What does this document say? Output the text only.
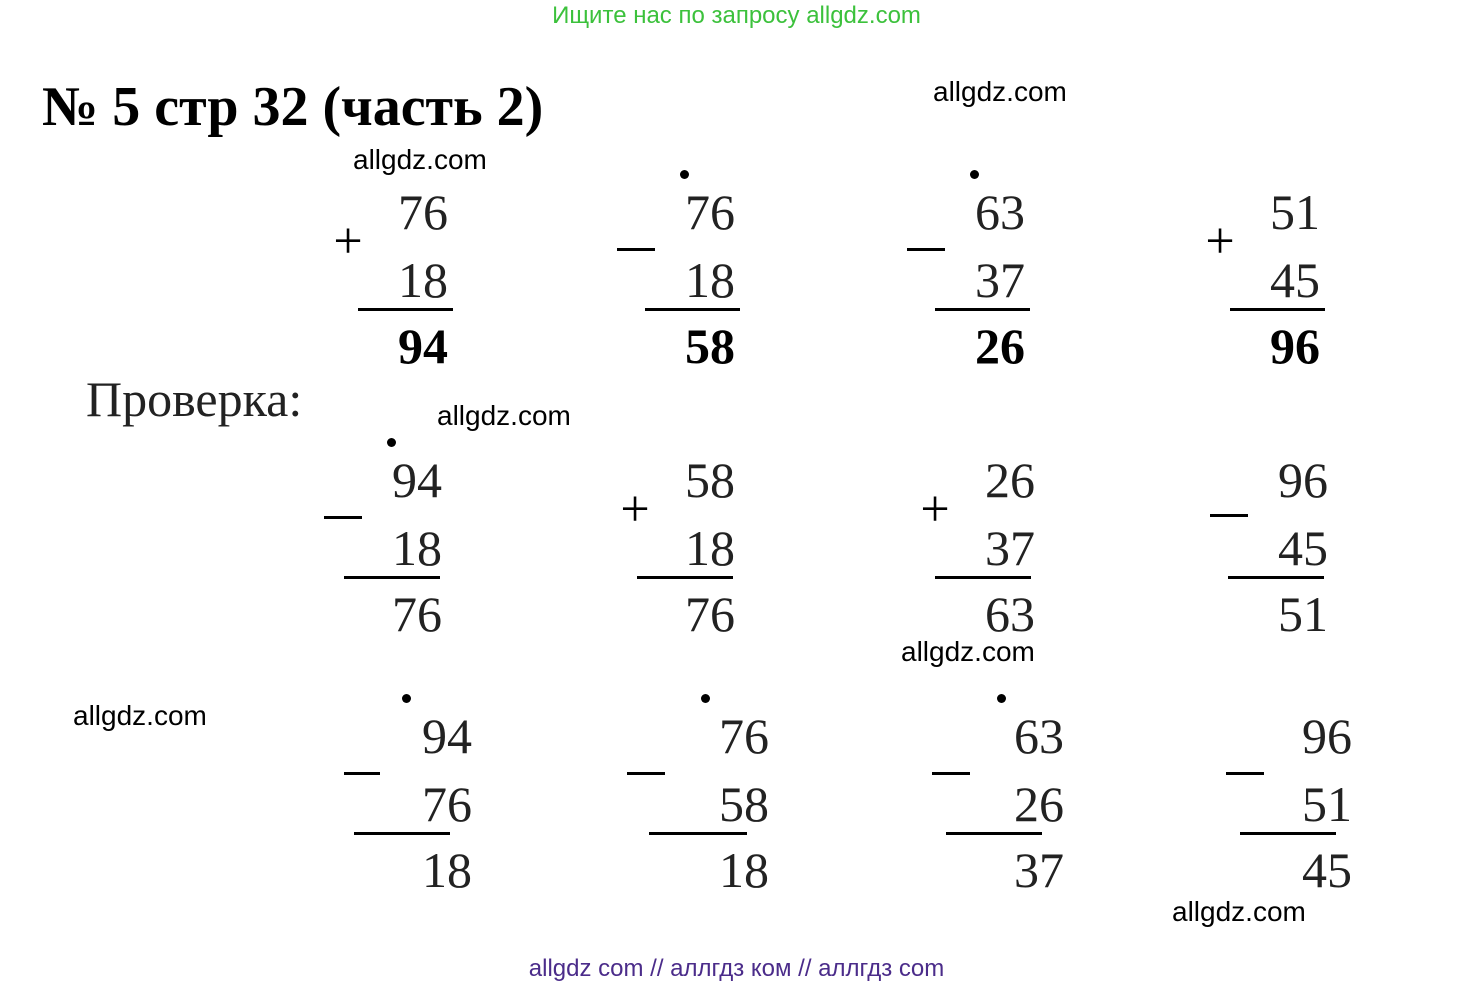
Ищите нас по запросу allgdz.com
№ 5 стр 32 (часть 2)	allgdz.com
allgdz.com
allgdz.com
allgdz.com
allgdz.com
allgdz.com
Проверка:
+
76
18
94
76
18
58
63
37
26
+
51
45
96
94
18
76
+
58
18
76
+
26
37
63
96
45
51
94
76
18
76
58
18
63
26
37
96
51
45
allgdz com // аллгдз ком // аллгдз com
